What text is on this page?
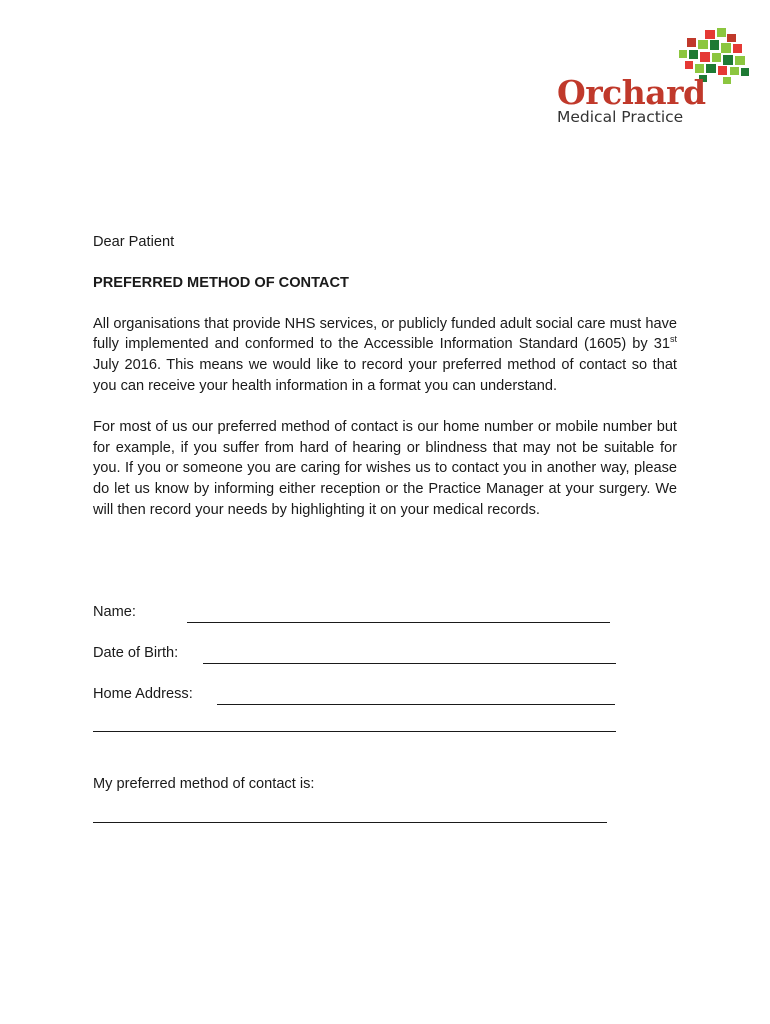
Orchard
Medical Practice

Dear Patient

PREFERRED METHOD OF CONTACT

All organisations that provide NHS services, or publicly funded adult social care must have fully implemented and conformed to the Accessible Information Standard (1605) by 31st July 2016. This means we would like to record your preferred method of contact so that you can receive your health information in a format you can understand.

For most of us our preferred method of contact is our home number or mobile number but for example, if you suffer from hard of hearing or blindness that may not be suitable for you. If you or someone you are caring for wishes us to contact you in another way, please do let us know by informing either reception or the Practice Manager at your surgery. We will then record your needs by highlighting it on your medical records.

Name:
Date of Birth:
Home Address:
My preferred method of contact is:
